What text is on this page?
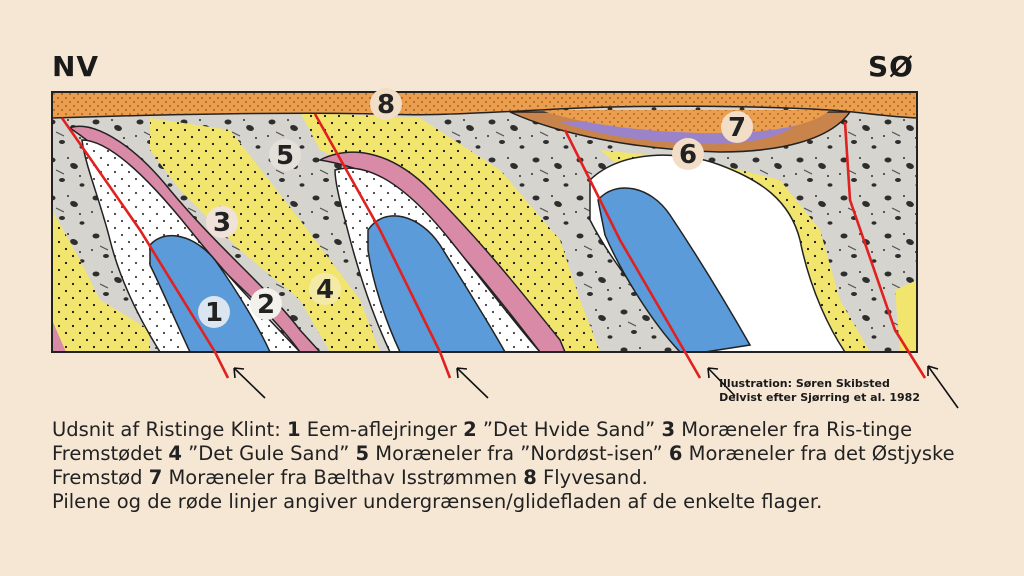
NV	SØ
8
7
6
5
4
3
2
1
Illustration: Søren Skibsted
Delvist efter Sjørring et al. 1982
Udsnit af Ristinge Klint: 1 Eem-aflejringer 2 ”Det Hvide Sand” 3 Moræneler fra Ris-tinge Fremstødet 4 ”Det Gule Sand” 5 Moræneler fra ”Nordøst-isen” 6 Moræneler fra det Østjyske Fremstød 7 Moræneler fra Bælthav Isstrømmen 8 Flyvesand.
Pilene og de røde linjer angiver undergrænsen/glidefladen af de enkelte flager.
